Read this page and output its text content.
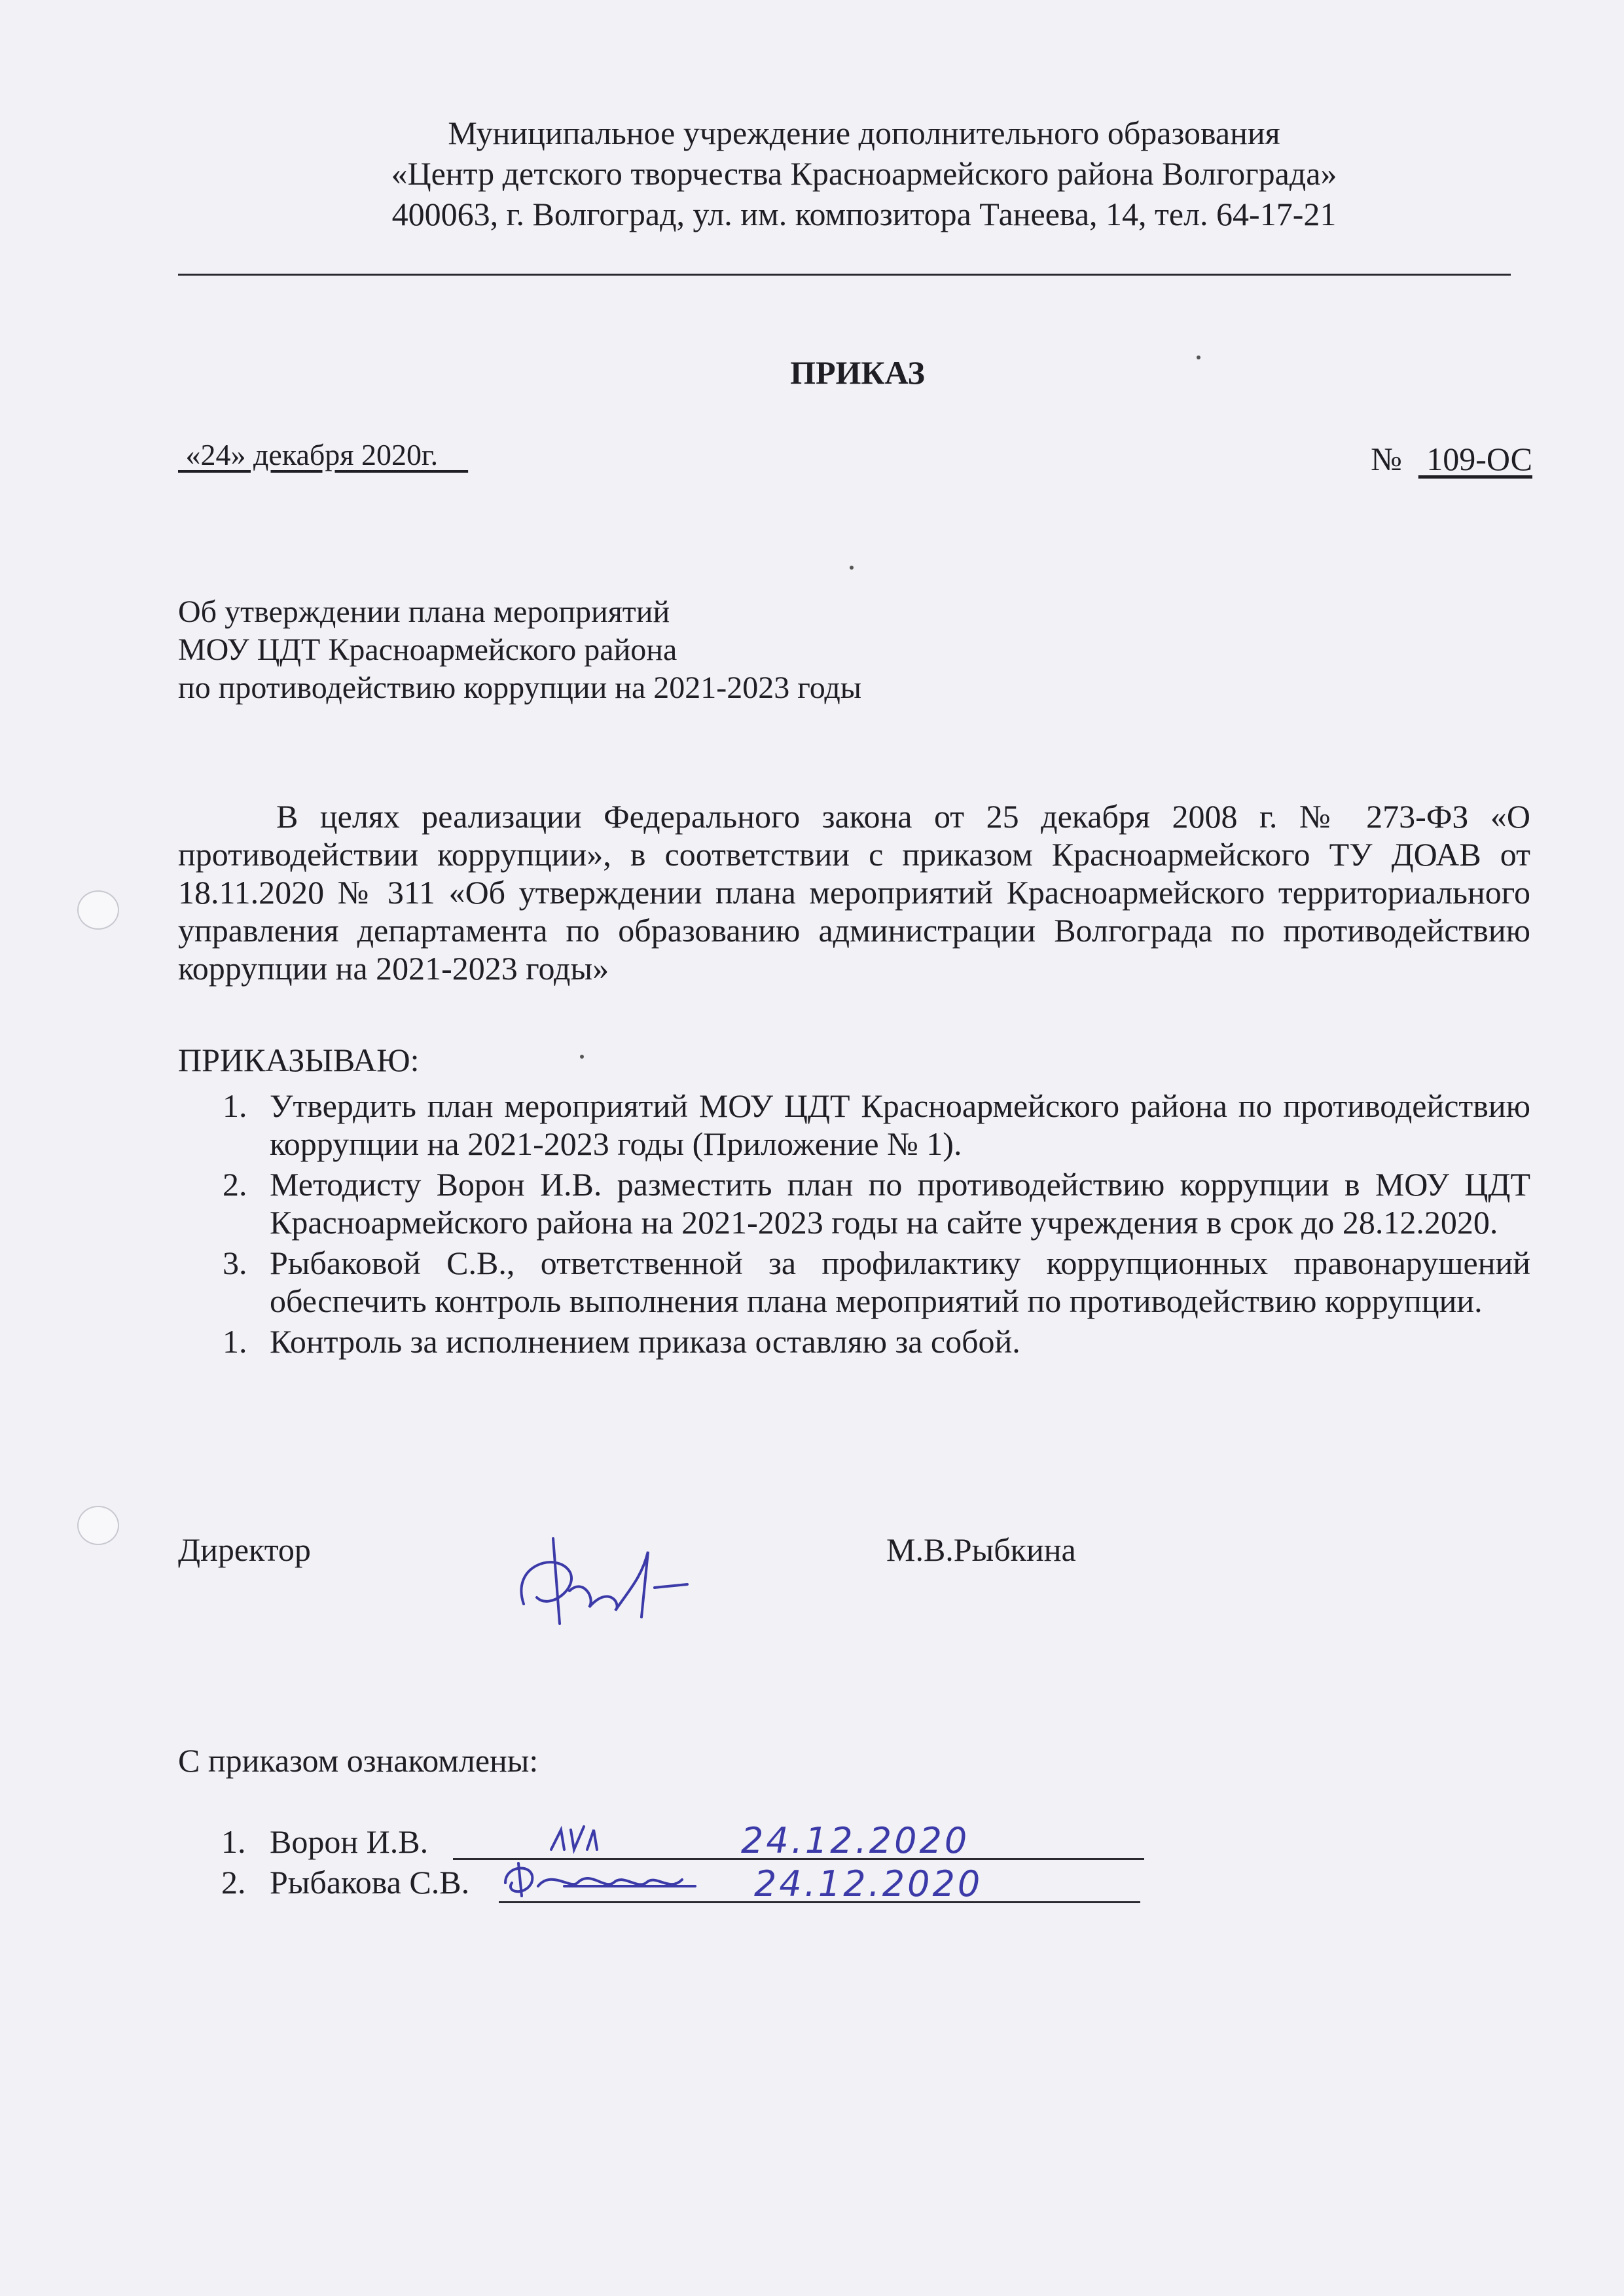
Муниципальное учреждение дополнительного образования
«Центр детского творчества Красноармейского района Волгограда»
400063, г. Волгоград, ул. им. композитора Танеева, 14, тел. 64-17-21
ПРИКАЗ
«24» декабря 2020г.	№   109-ОС
Об утверждении плана мероприятий
МОУ ЦДТ Красноармейского района
по противодействию коррупции на 2021-2023 годы
В целях реализации Федерального закона от 25 декабря 2008 г. № 273-ФЗ «О противодействии коррупции», в соответствии с приказом Красноармейского ТУ ДОАВ от 18.11.2020 № 311 «Об утверждении плана мероприятий Красноармейского территориального управления департамента по образованию администрации Волгограда по противодействию коррупции на 2021-2023 годы»
ПРИКАЗЫВАЮ:
1. Утвердить план мероприятий МОУ ЦДТ Красноармейского района по противодействию коррупции на 2021-2023 годы (Приложение № 1).
2. Методисту Ворон И.В. разместить план по противодействию коррупции в МОУ ЦДТ Красноармейского района на 2021-2023 годы на сайте учреждения в срок до 28.12.2020.
3. Рыбаковой С.В., ответственной за профилактику коррупционных правонарушений обеспечить контроль выполнения плана мероприятий по противодействию коррупции.
1. Контроль за исполнением приказа оставляю за собой.
Директор	М.В.Рыбкина
С приказом ознакомлены:
1. Ворон И.В.	24.12.2020
2. Рыбакова С.В.	24.12.2020
